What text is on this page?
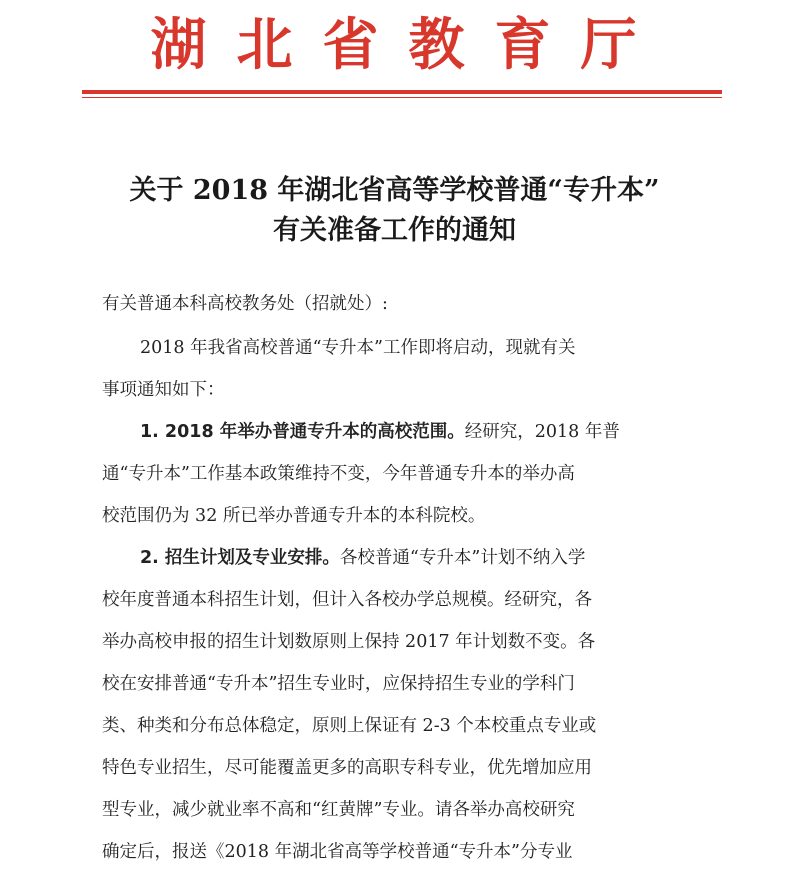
湖北省教育厅
关于 2018 年湖北省高等学校普通“专升本”
有关准备工作的通知
有关普通本科高校教务处（招就处）:
2018 年我省高校普通“专升本”工作即将启动，现就有关
事项通知如下：
1. 2018 年举办普通专升本的高校范围。经研究，2018 年普
通“专升本”工作基本政策维持不变，今年普通专升本的举办高
校范围仍为 32 所已举办普通专升本的本科院校。
2. 招生计划及专业安排。各校普通“专升本”计划不纳入学
校年度普通本科招生计划，但计入各校办学总规模。经研究，各
举办高校申报的招生计划数原则上保持 2017 年计划数不变。各
校在安排普通“专升本”招生专业时，应保持招生专业的学科门
类、种类和分布总体稳定，原则上保证有 2-3 个本校重点专业或
特色专业招生，尽可能覆盖更多的高职专科专业，优先增加应用
型专业，减少就业率不高和“红黄牌”专业。请各举办高校研究
确定后，报送《2018 年湖北省高等学校普通“专升本”分专业
